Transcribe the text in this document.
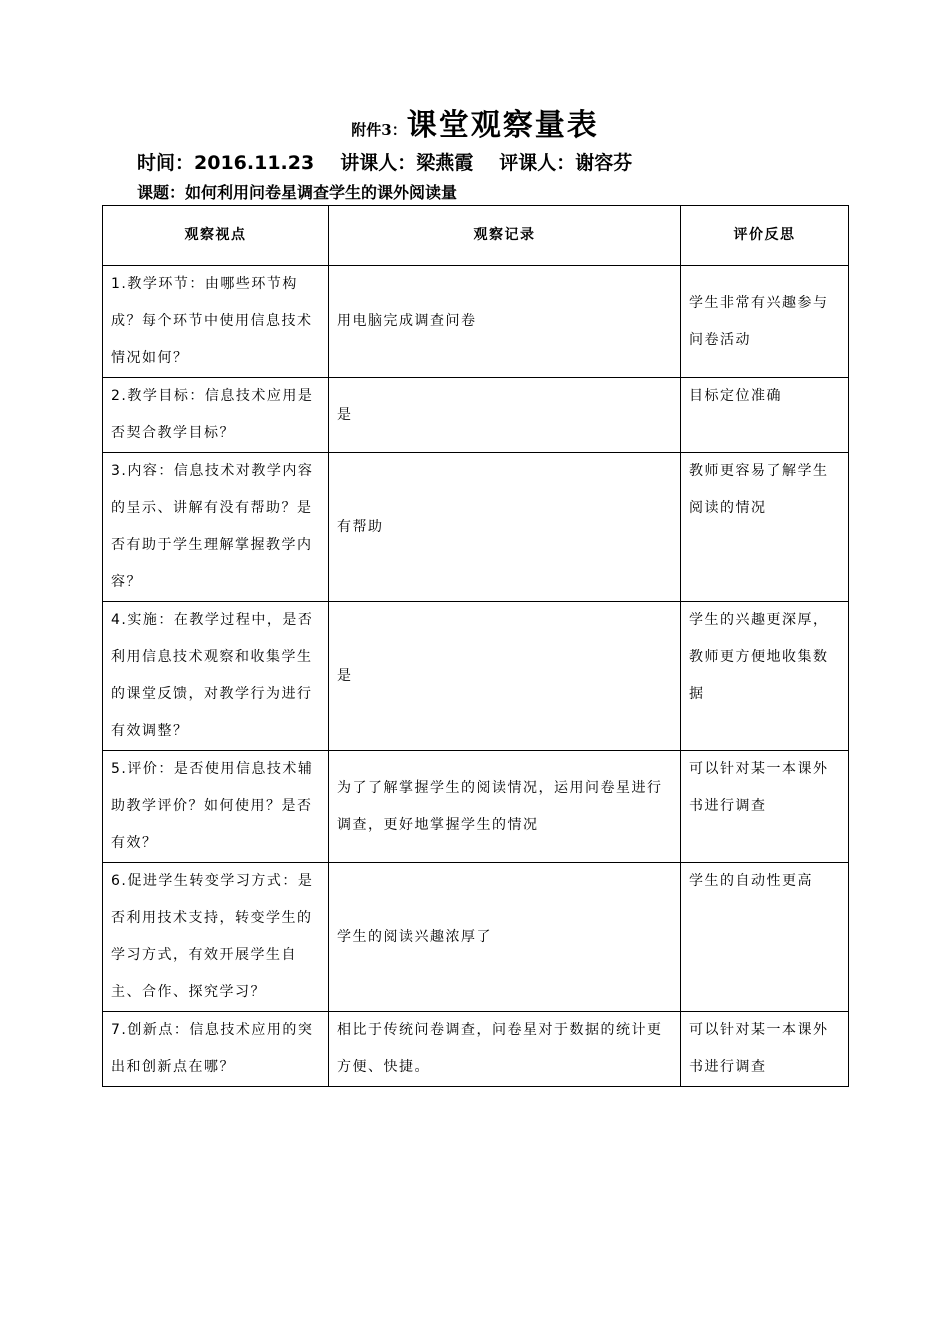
附件3：课堂观察量表
时间：2016.11.23 讲课人：梁燕霞 评课人：谢容芬
课题：如何利用问卷星调查学生的课外阅读量
观察视点	观察记录	评价反思
1.教学环节：由哪些环节构成？每个环节中使用信息技术情况如何？	用电脑完成调查问卷	学生非常有兴趣参与问卷活动
2.教学目标：信息技术应用是否契合教学目标？	是	目标定位准确
3.内容：信息技术对教学内容的呈示、讲解有没有帮助？是否有助于学生理解掌握教学内容？	有帮助	教师更容易了解学生阅读的情况
4.实施：在教学过程中，是否利用信息技术观察和收集学生的课堂反馈，对教学行为进行有效调整？	是	学生的兴趣更深厚，教师更方便地收集数据
5.评价：是否使用信息技术辅助教学评价？如何使用？是否有效？	为了了解掌握学生的阅读情况，运用问卷星进行调查，更好地掌握学生的情况	可以针对某一本课外书进行调查
6.促进学生转变学习方式：是否利用技术支持，转变学生的学习方式，有效开展学生自主、合作、探究学习？	学生的阅读兴趣浓厚了	学生的自动性更高
7.创新点：信息技术应用的突出和创新点在哪？	相比于传统问卷调查，问卷星对于数据的统计更方便、快捷。	可以针对某一本课外书进行调查
